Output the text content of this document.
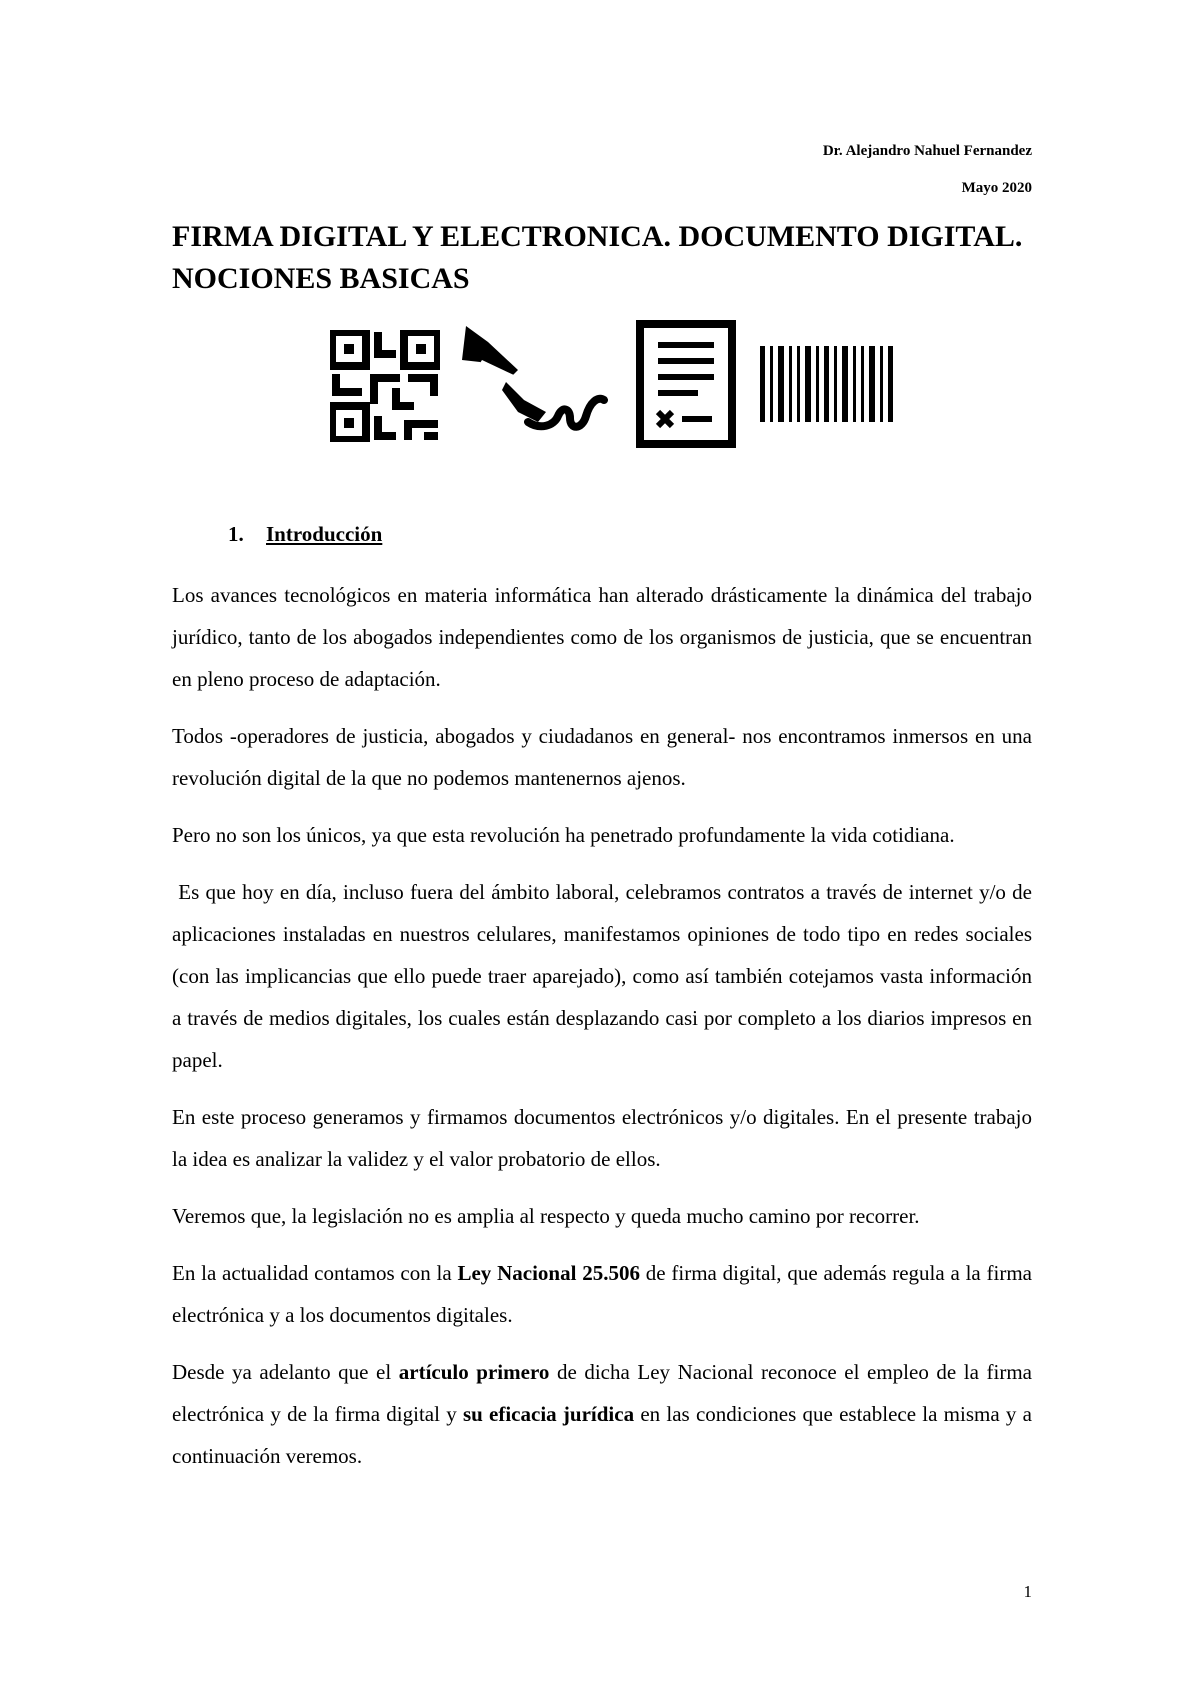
Dr. Alejandro Nahuel Fernandez
Mayo 2020
FIRMA DIGITAL Y ELECTRONICA. DOCUMENTO DIGITAL. NOCIONES BASICAS
1. Introducción

Los avances tecnológicos en materia informática han alterado drásticamente la dinámica del trabajo jurídico, tanto de los abogados independientes como de los organismos de justicia, que se encuentran en pleno proceso de adaptación.

Todos -operadores de justicia, abogados y ciudadanos en general- nos encontramos inmersos en una revolución digital de la que no podemos mantenernos ajenos.

Pero no son los únicos, ya que esta revolución ha penetrado profundamente la vida cotidiana.

Es que hoy en día, incluso fuera del ámbito laboral, celebramos contratos a través de internet y/o de aplicaciones instaladas en nuestros celulares, manifestamos opiniones de todo tipo en redes sociales (con las implicancias que ello puede traer aparejado), como así también cotejamos vasta información a través de medios digitales, los cuales están desplazando casi por completo a los diarios impresos en papel.

En este proceso generamos y firmamos documentos electrónicos y/o digitales. En el presente trabajo la idea es analizar la validez y el valor probatorio de ellos.

Veremos que, la legislación no es amplia al respecto y queda mucho camino por recorrer.

En la actualidad contamos con la Ley Nacional 25.506 de firma digital, que además regula a la firma electrónica y a los documentos digitales.

Desde ya adelanto que el artículo primero de dicha Ley Nacional reconoce el empleo de la firma electrónica y de la firma digital y su eficacia jurídica en las condiciones que establece la misma y a continuación veremos.

1
